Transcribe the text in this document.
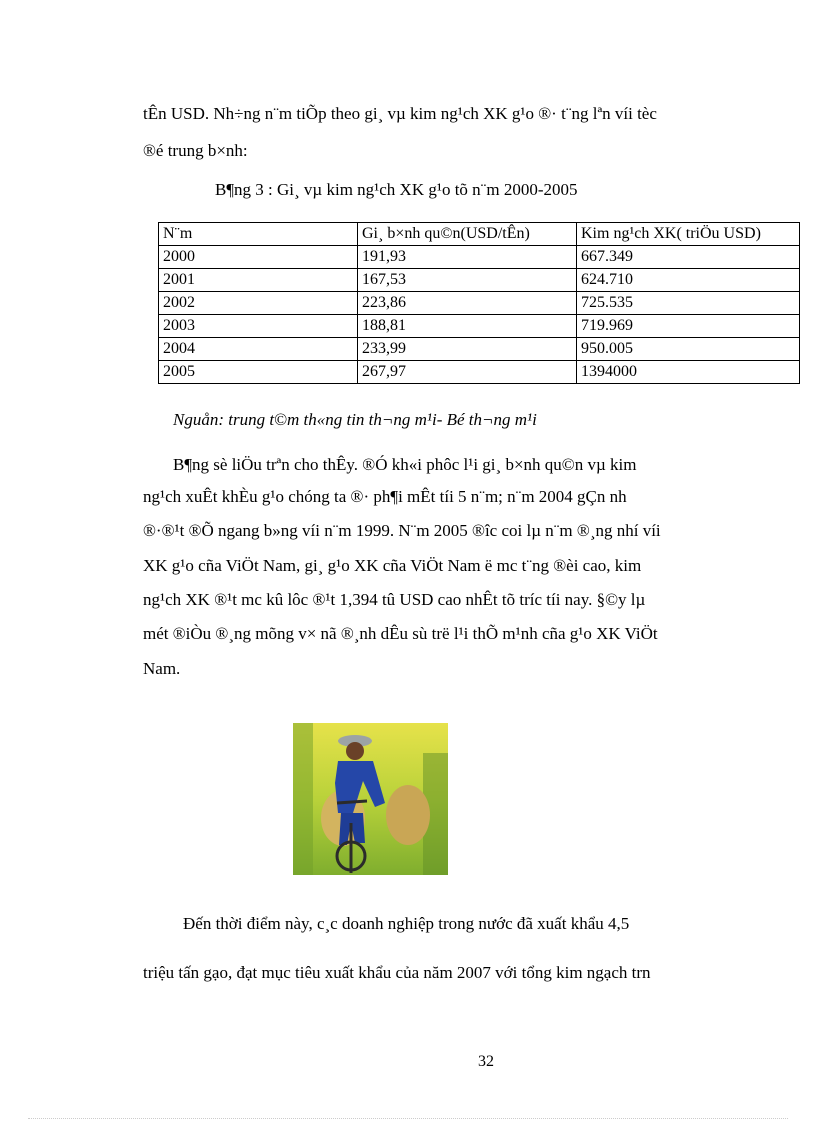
tÊn USD. Nh÷ng n¨m tiÕp theo gi¸ vµ kim ng¹ch XK g¹o ®· t¨ng lªn víi tèc
®é trung b×nh:
B¶ng 3 : Gi¸ vµ kim ng¹ch XK g¹o tõ n¨m 2000-2005
N¨m	Gi¸ b×nh qu©n(USD/tÊn)	Kim ng¹ch XK( triÖu USD)
2000	191,93	667.349
2001	167,53	624.710
2002	223,86	725.535
2003	188,81	719.969
2004	233,99	950.005
2005	267,97	1394000
Nguån: trung t©m th«ng tin th¬ng m¹i- Bé th¬ng m¹i
B¶ng sè liÖu trªn cho thÊy. ®Ó kh«i phôc l¹i gi¸ b×nh qu©n vµ kim
ng¹ch xuÊt khÈu g¹o chóng ta ®· ph¶i mÊt tíi 5 n¨m; n¨m 2004 gÇn nh
®·®¹t ®Õ ngang b»ng víi n¨m 1999. N¨m 2005 ®îc coi lµ n¨m ®¸ng nhí víi
XK g¹o cña ViÖt Nam, gi¸ g¹o XK cña ViÖt Nam ë mc t¨ng ®èi cao, kim
ng¹ch XK ®¹t mc kû lôc ®¹t 1,394 tû USD cao nhÊt tõ tríc tíi nay. §©y lµ
mét ®iÒu ®¸ng mõng v× nã ®¸nh dÊu sù trë l¹i thÕ m¹nh cña g¹o XK ViÖt
Nam.
Đến thời điểm này, c¸c doanh nghiệp trong nước đã xuất khẩu 4,5
triệu tấn gạo, đạt mục tiêu xuất khẩu của năm 2007 với tổng kim ngạch trn
32
